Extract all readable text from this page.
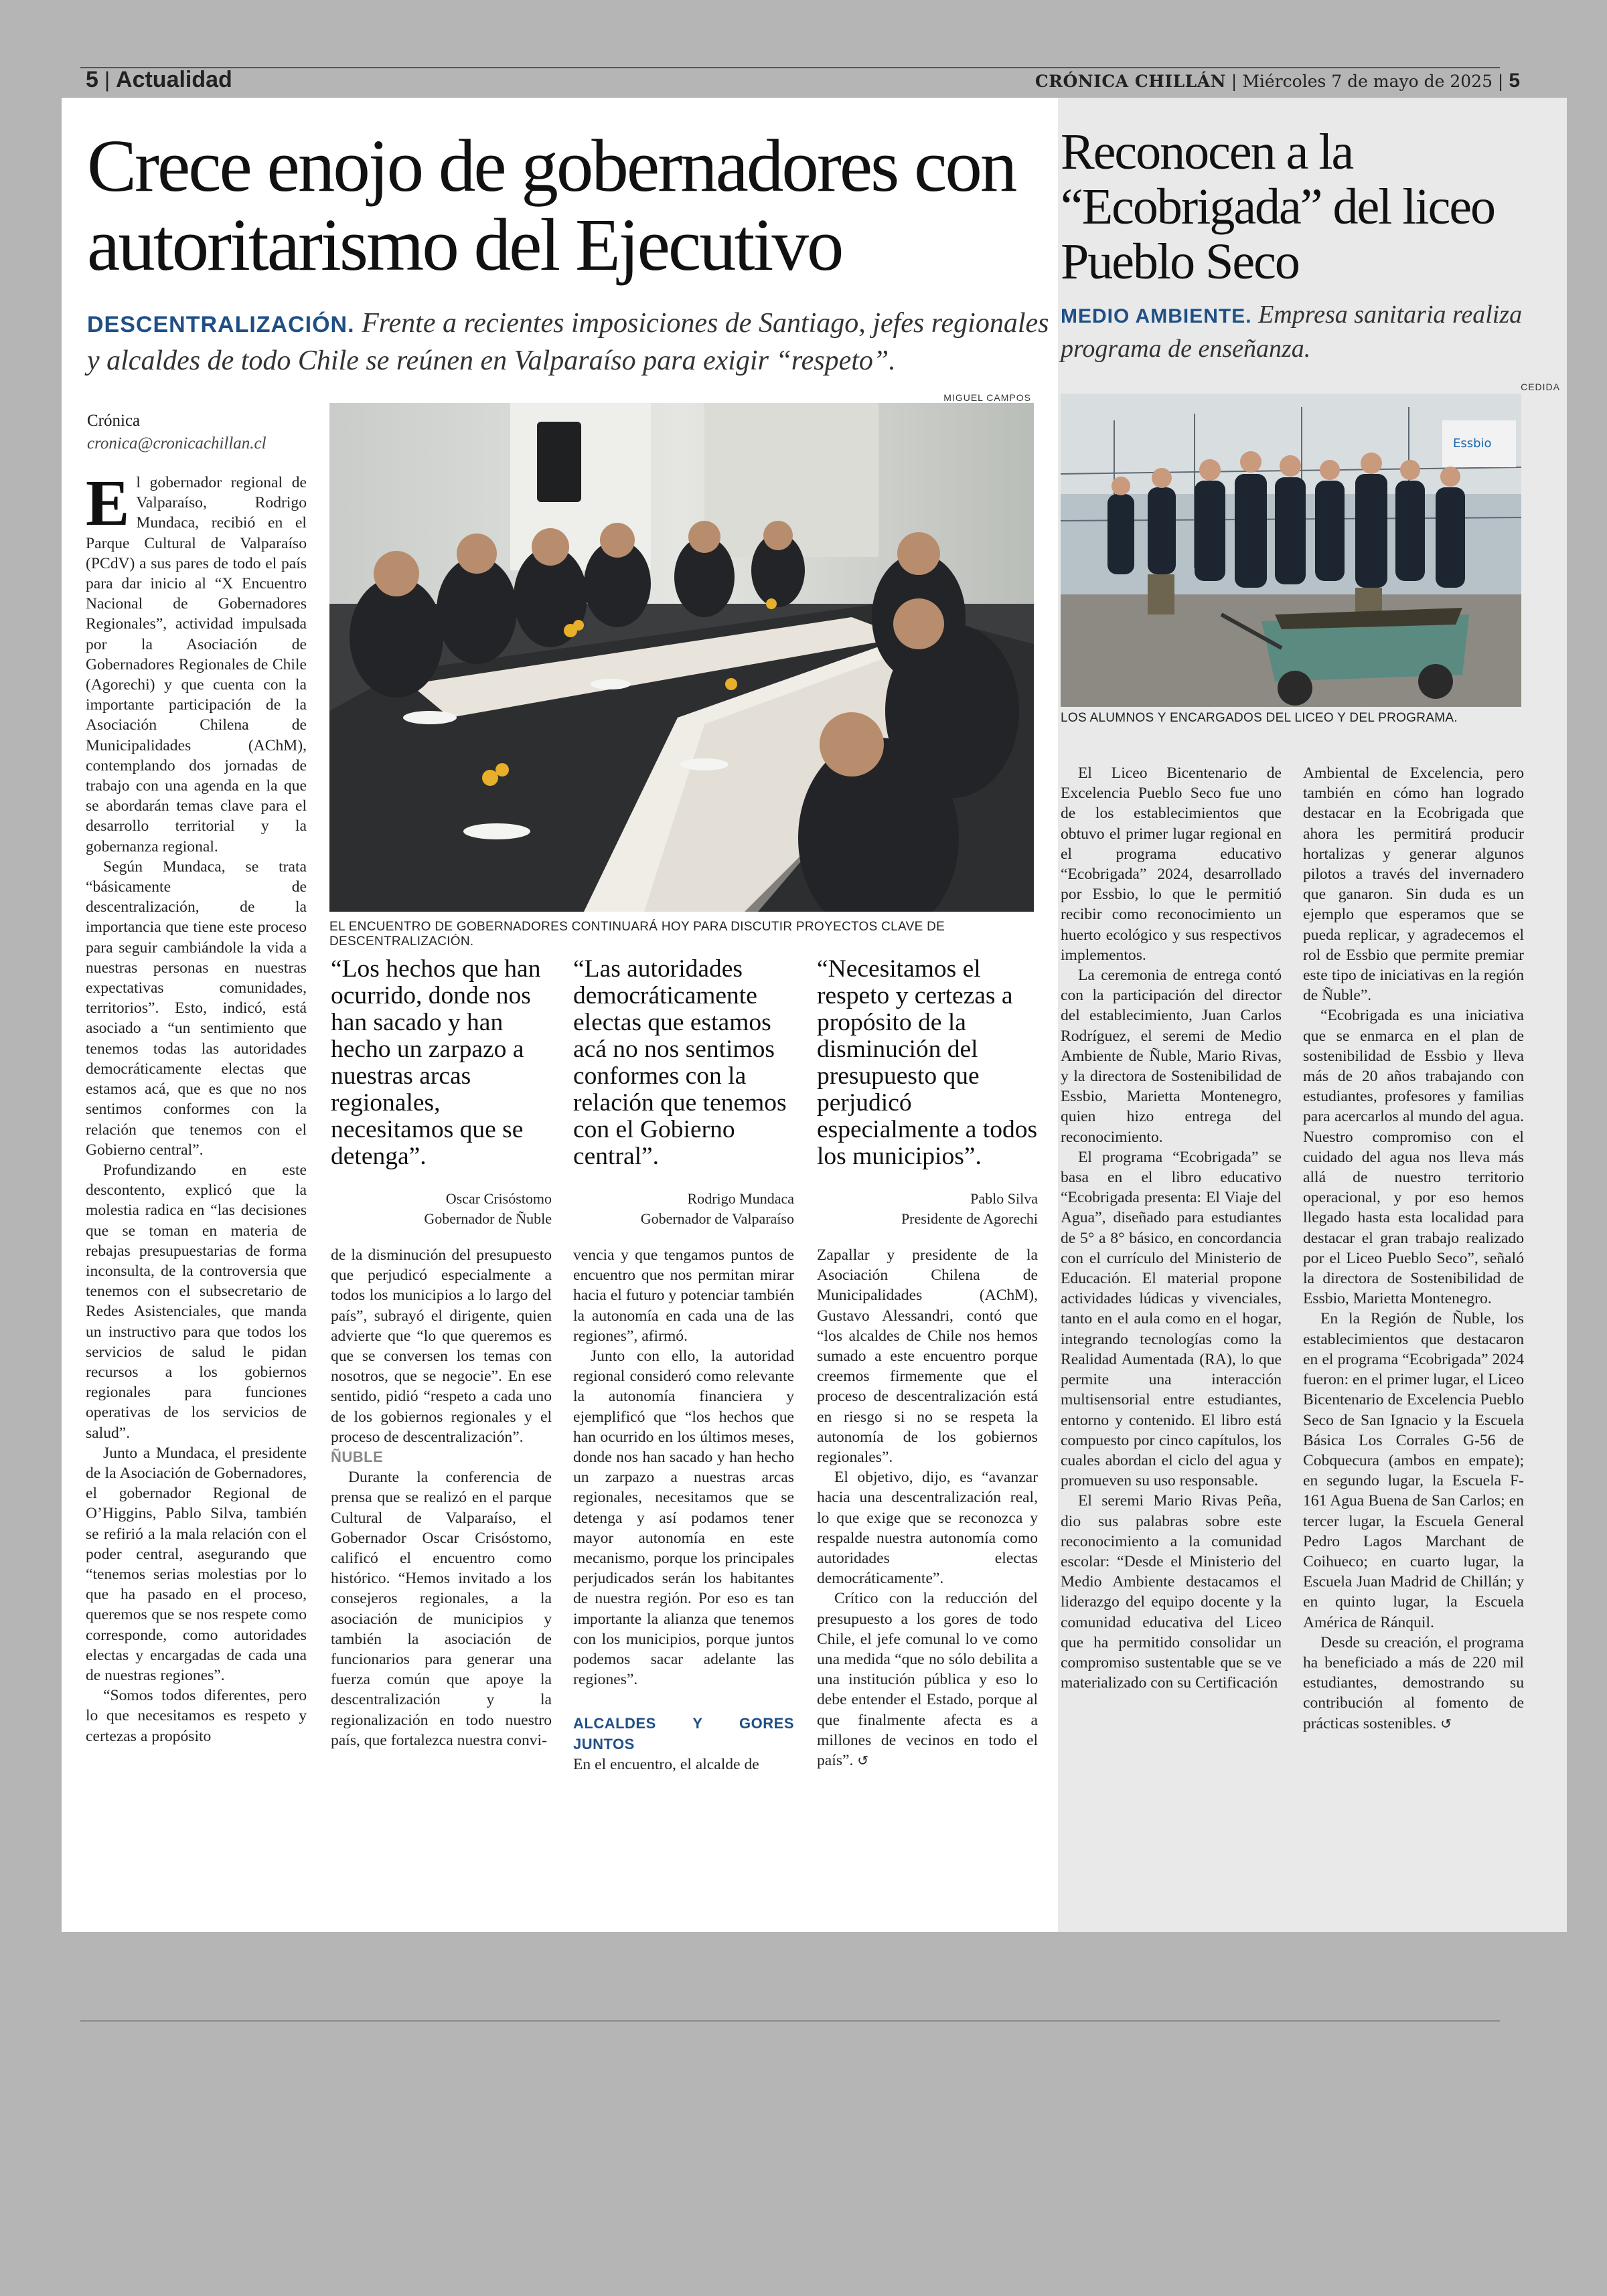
5 | Actualidad	CRÓNICA CHILLÁN | Miércoles 7 de mayo de 2025 | 5
Crece enojo de gobernadores con autoritarismo del Ejecutivo
DESCENTRALIZACIÓN. Frente a recientes imposiciones de Santiago, jefes regionales y alcaldes de todo Chile se reúnen en Valparaíso para exigir “respeto”.
Crónica
cronica@cronicachillan.cl
MIGUEL CAMPOS
EL ENCUENTRO DE GOBERNADORES CONTINUARÁ HOY PARA DISCUTIR PROYECTOS CLAVE DE DESCENTRALIZACIÓN.
“Los hechos que han ocurrido, donde nos han sacado y han hecho un zarpazo a nuestras arcas regionales, necesitamos que se detenga”.
“Las autoridades democráticamente electas que estamos acá no nos sentimos conformes con la relación que tenemos con el Gobierno central”.
“Necesitamos el respeto y certezas a propósito de la disminución del presupuesto que perjudicó especialmente a todos los municipios”.
Oscar Crisóstomo
Gobernador de Ñuble
Rodrigo Mundaca
Gobernador de Valparaíso
Pablo Silva
Presidente de Agorechi

El gobernador regional de Valparaíso, Rodrigo Mundaca, recibió en el Parque Cultural de Valparaíso (PCdV) a sus pares de todo el país para dar inicio al “X Encuentro Nacional de Gobernadores Regionales”, actividad impulsada por la Asociación de Gobernadores Regionales de Chile (Agorechi) y que cuenta con la importante participación de la Asociación Chilena de Municipalidades (AChM), contemplando dos jornadas de trabajo con una agenda en la que se abordarán temas clave para el desarrollo territorial y la gobernanza regional.

Según Mundaca, se trata “básicamente de descentralización, de la importancia que tiene este proceso para seguir cambiándole la vida a nuestras personas en nuestras expectativas comunidades, territorios”. Esto, indicó, está asociado a “un sentimiento que tenemos todas las autoridades democráticamente electas que estamos acá, que es que no nos sentimos conformes con la relación que tenemos con el Gobierno central”.

Profundizando en este descontento, explicó que la molestia radica en “las decisiones que se toman en materia de rebajas presupuestarias de forma inconsulta, de la controversia que tenemos con el subsecretario de Redes Asistenciales, que manda un instructivo para que todos los servicios de salud le pidan recursos a los gobiernos regionales para funciones operativas de los servicios de salud”.

Junto a Mundaca, el presidente de la Asociación de Gobernadores, el gobernador Regional de O’Higgins, Pablo Silva, también se refirió a la mala relación con el poder central, asegurando que “tenemos serias molestias por lo que ha pasado en el proceso, queremos que se nos respete como corresponde, como autoridades electas y encargadas de cada una de nuestras regiones”.

“Somos todos diferentes, pero lo que necesitamos es respeto y certezas a propósito

de la disminución del presupuesto que perjudicó especialmente a todos los municipios a lo largo del país”, subrayó el dirigente, quien advierte que “lo que queremos es que se conversen los temas con nosotros, que se negocie”. En ese sentido, pidió “respeto a cada uno de los gobiernos regionales y el proceso de descentralización”.

ÑUBLE

Durante la conferencia de prensa que se realizó en el parque Cultural de Valparaíso, el Gobernador Oscar Crisóstomo, calificó el encuentro como histórico. “Hemos invitado a los consejeros regionales, a la asociación de municipios y también la asociación de funcionarios para generar una fuerza común que apoye la descentralización y la regionalización en todo nuestro país, que fortalezca nuestra convi-

vencia y que tengamos puntos de encuentro que nos permitan mirar hacia el futuro y potenciar también la autonomía en cada una de las regiones”, afirmó.

Junto con ello, la autoridad regional consideró como relevante la autonomía financiera y ejemplificó que “los hechos que han ocurrido en los últimos meses, donde nos han sacado y han hecho un zarpazo a nuestras arcas regionales, necesitamos que se detenga y así podamos tener mayor autonomía en este mecanismo, porque los principales perjudicados serán los habitantes de nuestra región. Por eso es tan importante la alianza que tenemos con los municipios, porque juntos podemos sacar adelante las regiones”.

ALCALDES Y GORES JUNTOS

En el encuentro, el alcalde de

Zapallar y presidente de la Asociación Chilena de Municipalidades (AChM), Gustavo Alessandri, contó que “los alcaldes de Chile nos hemos sumado a este encuentro porque creemos firmemente que el proceso de descentralización está en riesgo si no se respeta la autonomía de los gobiernos regionales”.

El objetivo, dijo, es “avanzar hacia una descentralización real, lo que exige que se reconozca y respalde nuestra autonomía como autoridades electas democráticamente”.

Crítico con la reducción del presupuesto a los gores de todo Chile, el jefe comunal lo ve como una medida “que no sólo debilita a una institución pública y eso lo debe entender el Estado, porque al que finalmente afecta es a millones de vecinos en todo el país”. ↺

Reconocen a la “Ecobrigada” del liceo Pueblo Seco
MEDIO AMBIENTE. Empresa sanitaria realiza programa de enseñanza.
CEDIDA
Essbio
LOS ALUMNOS Y ENCARGADOS DEL LICEO Y DEL PROGRAMA.

El Liceo Bicentenario de Excelencia Pueblo Seco fue uno de los establecimientos que obtuvo el primer lugar regional en el programa educativo “Ecobrigada” 2024, desarrollado por Essbio, lo que le permitió recibir como reconocimiento un huerto ecológico y sus respectivos implementos.

La ceremonia de entrega contó con la participación del director del establecimiento, Juan Carlos Rodríguez, el seremi de Medio Ambiente de Ñuble, Mario Rivas, y la directora de Sostenibilidad de Essbio, Marietta Montenegro, quien hizo entrega del reconocimiento.

El programa “Ecobrigada” se basa en el libro educativo “Ecobrigada presenta: El Viaje del Agua”, diseñado para estudiantes de 5° a 8° básico, en concordancia con el currículo del Ministerio de Educación. El material propone actividades lúdicas y vivenciales, tanto en el aula como en el hogar, integrando tecnologías como la Realidad Aumentada (RA), lo que permite una interacción multisensorial entre estudiantes, entorno y contenido. El libro está compuesto por cinco capítulos, los cuales abordan el ciclo del agua y promueven su uso responsable.

El seremi Mario Rivas Peña, dio sus palabras sobre este reconocimiento a la comunidad escolar: “Desde el Ministerio del Medio Ambiente destacamos el liderazgo del equipo docente y la comunidad educativa del Liceo que ha permitido consolidar un compromiso sustentable que se ve materializado con su Certificación

Ambiental de Excelencia, pero también en cómo han logrado destacar en la Ecobrigada que ahora les permitirá producir hortalizas y generar algunos pilotos a través del invernadero que ganaron. Sin duda es un ejemplo que esperamos que se pueda replicar, y agradecemos el rol de Essbio que permite premiar este tipo de iniciativas en la región de Ñuble”.

“Ecobrigada es una iniciativa que se enmarca en el plan de sostenibilidad de Essbio y lleva más de 20 años trabajando con estudiantes, profesores y familias para acercarlos al mundo del agua. Nuestro compromiso con el cuidado del agua nos lleva más allá de nuestro territorio operacional, y por eso hemos llegado hasta esta localidad para destacar el gran trabajo realizado por el Liceo Pueblo Seco”, señaló la directora de Sostenibilidad de Essbio, Marietta Montenegro.

En la Región de Ñuble, los establecimientos que destacaron en el programa “Ecobrigada” 2024 fueron: en el primer lugar, el Liceo Bicentenario de Excelencia Pueblo Seco de San Ignacio y la Escuela Básica Los Corrales G-56 de Cobquecura (ambos en empate); en segundo lugar, la Escuela F-161 Agua Buena de San Carlos; en tercer lugar, la Escuela General Pedro Lagos Marchant de Coihueco; en cuarto lugar, la Escuela Juan Madrid de Chillán; y en quinto lugar, la Escuela América de Ránquil.

Desde su creación, el programa ha beneficiado a más de 220 mil estudiantes, demostrando su contribución al fomento de prácticas sostenibles. ↺
